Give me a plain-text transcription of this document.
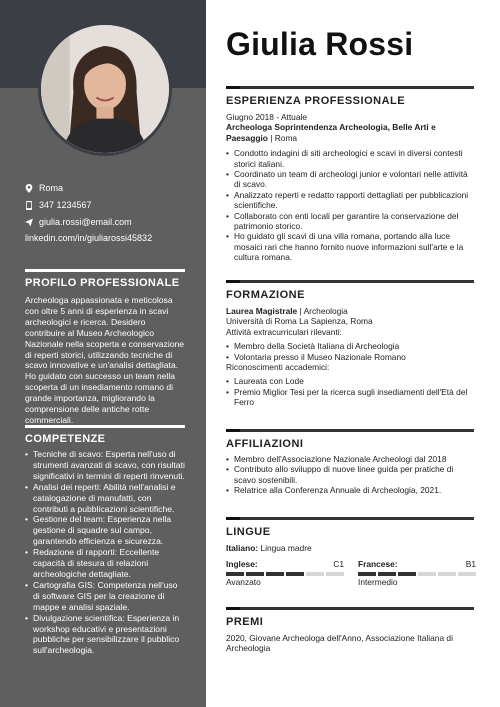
Roma
347 1234567
giulia.rossi@email.com
linkedin.com/in/giuliarossi45832
PROFILO PROFESSIONALE
Archeologa appassionata e meticolosa con oltre 5 anni di esperienza in scavi archeologici e ricerca. Desidero contribuire al Museo Archeologico Nazionale nella scoperta e conservazione di reperti storici, utilizzando tecniche di scavo innovative e un'analisi dettagliata. Ho guidato con successo un team nella scoperta di un insediamento romano di grande importanza, migliorando la comprensione delle antiche rotte commerciali.
COMPETENZE
• Tecniche di scavo: Esperta nell'uso di strumenti avanzati di scavo, con risultati significativi in termini di reperti rinvenuti.
• Analisi dei reperti: Abilità nell'analisi e catalogazione di manufatti, con contributi a pubblicazioni scientifiche.
• Gestione del team: Esperienza nella gestione di squadre sul campo, garantendo efficienza e sicurezza.
• Redazione di rapporti: Eccellente capacità di stesura di relazioni archeologiche dettagliate.
• Cartografia GIS: Competenza nell'uso di software GIS per la creazione di mappe e analisi spaziale.
• Divulgazione scientifica: Esperienza in workshop educativi e presentazioni pubbliche per sensibilizzare il pubblico sull'archeologia.
Giulia Rossi
ESPERIENZA PROFESSIONALE
Giugno 2018 - Attuale
Archeologa Soprintendenza Archeologia, Belle Arti e Paesaggio | Roma
• Condotto indagini di siti archeologici e scavi in diversi contesti storici italiani.
• Coordinato un team di archeologi junior e volontari nelle attività di scavo.
• Analizzato reperti e redatto rapporti dettagliati per pubblicazioni scientifiche.
• Collaborato con enti locali per garantire la conservazione del patrimonio storico.
• Ho guidato gli scavi di una villa romana, portando alla luce mosaici rari che hanno fornito nuove informazioni sull'arte e la cultura romana.
FORMAZIONE
Laurea Magistrale | Archeologia
Università di Roma La Sapienza, Roma
Attività extracurriculari rilevanti:
• Membro della Società Italiana di Archeologia
• Volontaria presso il Museo Nazionale Romano
Riconoscimenti accademici:
• Laureata con Lode
• Premio Miglior Tesi per la ricerca sugli insediamenti dell'Età del Ferro
AFFILIAZIONI
• Membro dell'Associazione Nazionale Archeologi dal 2018
• Contributo allo sviluppo di nuove linee guida per pratiche di scavo sostenibili.
• Relatrice alla Conferenza Annuale di Archeologia, 2021.
LINGUE
Italiano: Lingua madre
Inglese:	C1
Avanzato
Francese:	B1
Intermedio
PREMI
2020, Giovane Archeologa dell'Anno, Associazione Italiana di Archeologia
